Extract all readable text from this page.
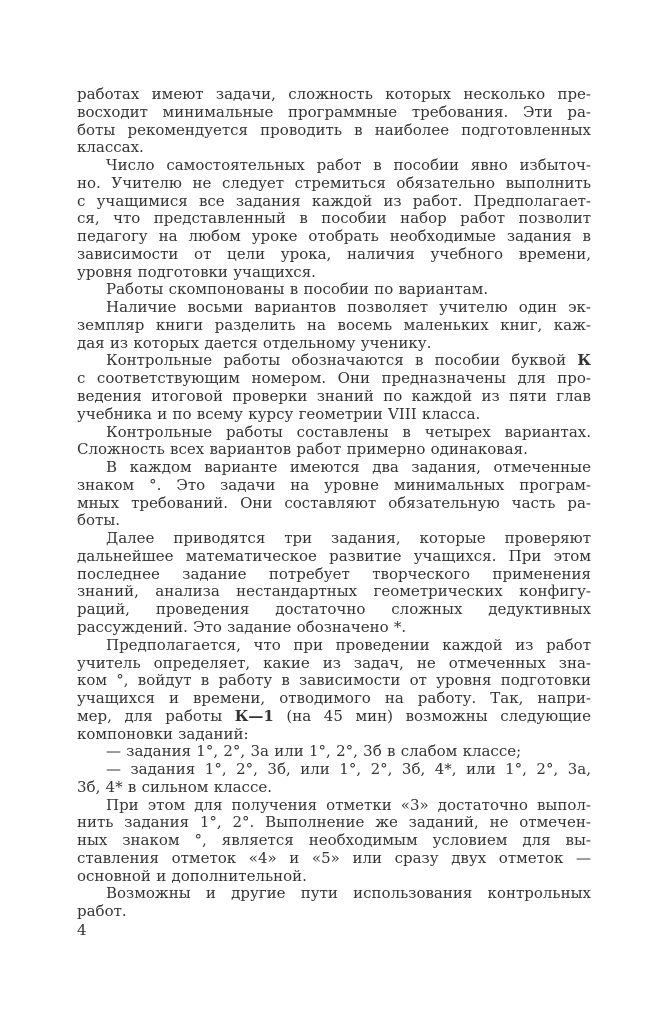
работах имеют задачи, сложность которых несколько пре-
восходит минимальные программные требования. Эти ра-
боты рекомендуется проводить в наиболее подготовленных
классах.
Число самостоятельных работ в пособии явно избыточ-
но. Учителю не следует стремиться обязательно выполнить
с учащимися все задания каждой из работ. Предполагает-
ся, что представленный в пособии набор работ позволит
педагогу на любом уроке отобрать необходимые задания в
зависимости от цели урока, наличия учебного времени,
уровня подготовки учащихся.
Работы скомпонованы в пособии по вариантам.
Наличие восьми вариантов позволяет учителю один эк-
земпляр книги разделить на восемь маленьких книг, каж-
дая из которых дается отдельному ученику.
Контрольные работы обозначаются в пособии буквой К
с соответствующим номером. Они предназначены для про-
ведения итоговой проверки знаний по каждой из пяти глав
учебника и по всему курсу геометрии VIII класса.
Контрольные работы составлены в четырех вариантах.
Сложность всех вариантов работ примерно одинаковая.
В каждом варианте имеются два задания, отмеченные
знаком °. Это задачи на уровне минимальных програм-
мных требований. Они составляют обязательную часть ра-
боты.
Далее приводятся три задания, которые проверяют
дальнейшее математическое развитие учащихся. При этом
последнее задание потребует творческого применения
знаний, анализа нестандартных геометрических конфигу-
раций, проведения достаточно сложных дедуктивных
рассуждений. Это задание обозначено *.
Предполагается, что при проведении каждой из работ
учитель определяет, какие из задач, не отмеченных зна-
ком °, войдут в работу в зависимости от уровня подготовки
учащихся и времени, отводимого на работу. Так, напри-
мер, для работы К—1 (на 45 мин) возможны следующие
компоновки заданий:
— задания 1°, 2°, 3а или 1°, 2°, 3б в слабом классе;
— задания 1°, 2°, 3б, или 1°, 2°, 3б, 4*, или 1°, 2°, 3а,
3б, 4* в сильном классе.
При этом для получения отметки «3» достаточно выпол-
нить задания 1°, 2°. Выполнение же заданий, не отмечен-
ных знаком °, является необходимым условием для вы-
ставления отметок «4» и «5» или сразу двух отметок —
основной и дополнительной.
Возможны и другие пути использования контрольных
работ.
4
